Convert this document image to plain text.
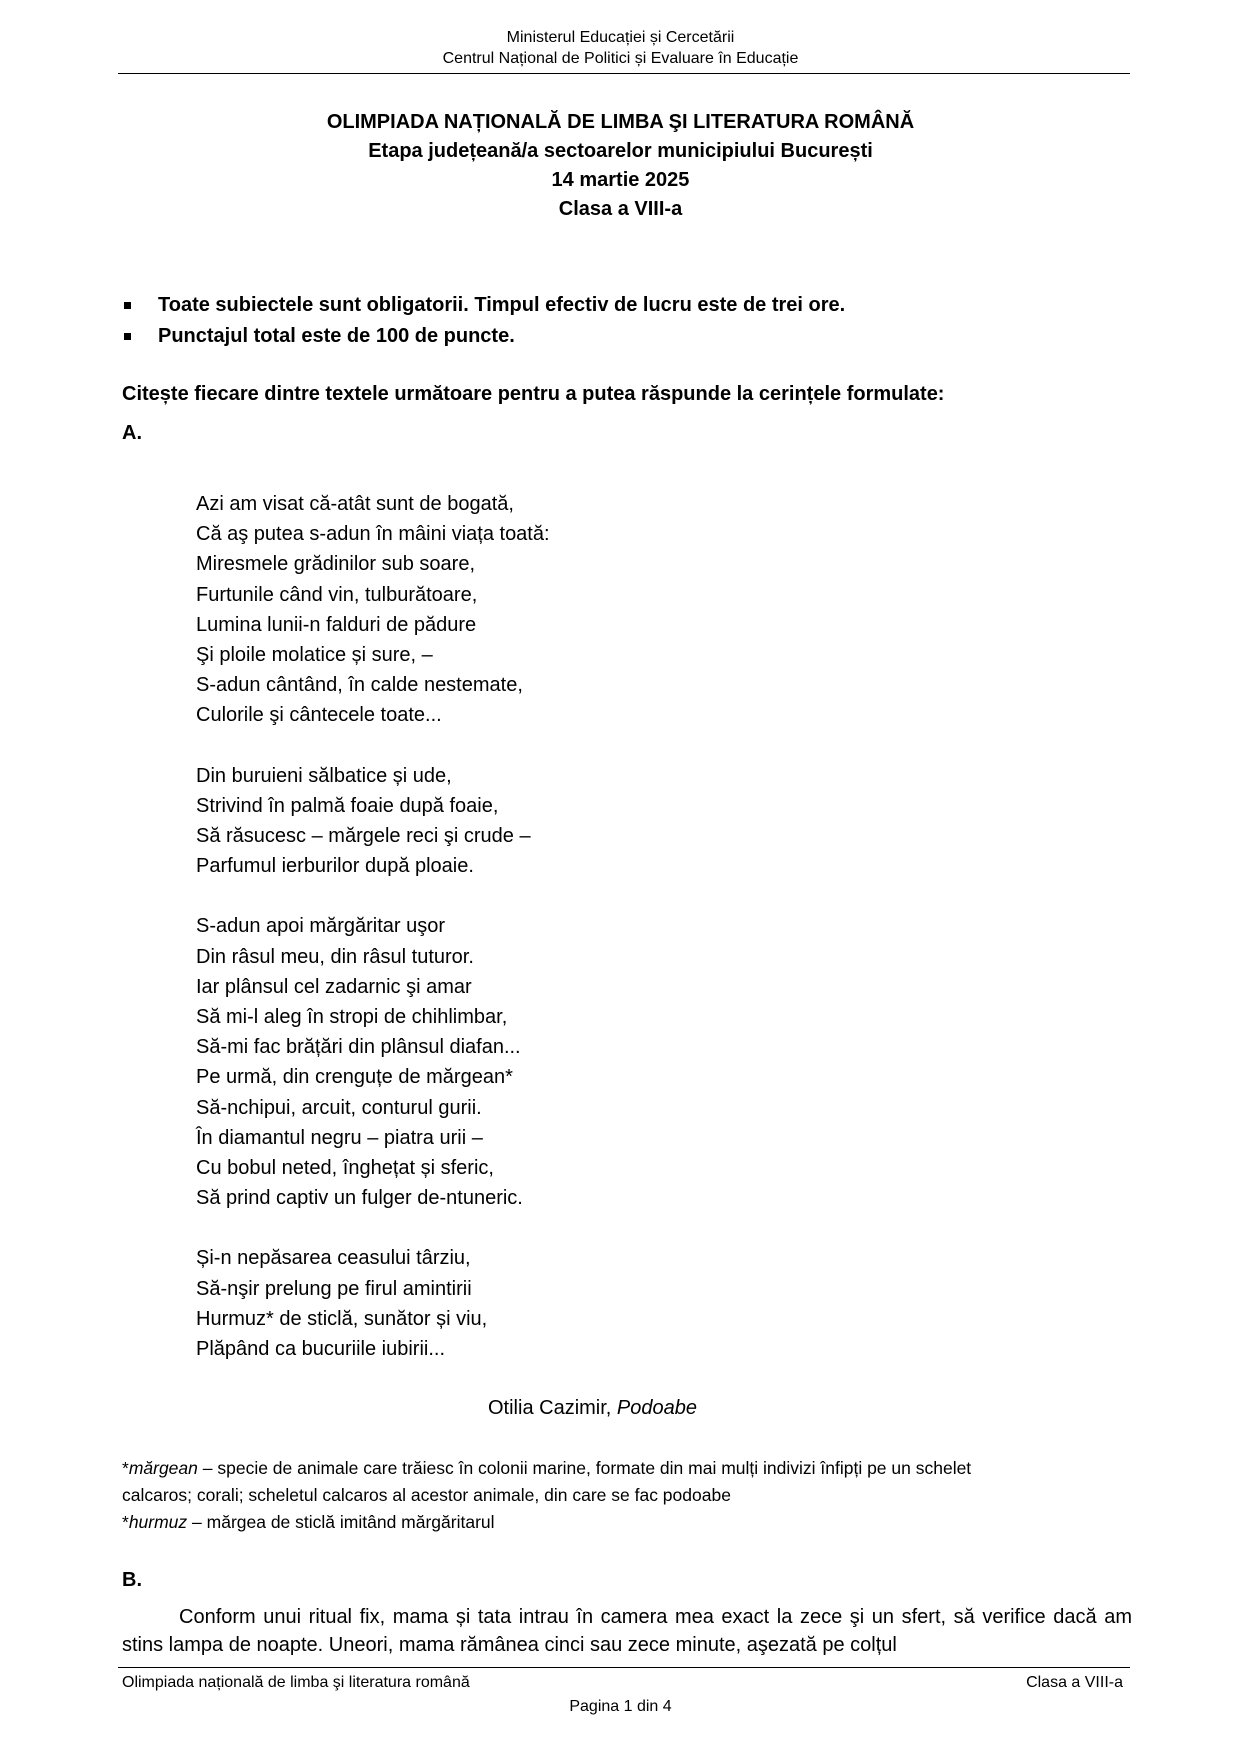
Ministerul Educației și Cercetării
Centrul Național de Politici și Evaluare în Educație
OLIMPIADA NAȚIONALĂ DE LIMBA ŞI LITERATURA ROMÂNĂ
Etapa județeană/a sectoarelor municipiului București
14 martie 2025
Clasa a VIII-a
Toate subiectele sunt obligatorii. Timpul efectiv de lucru este de trei ore.
Punctajul total este de 100 de puncte.
Citește fiecare dintre textele următoare pentru a putea răspunde la cerințele formulate:
A.
Azi am visat că-atât sunt de bogată,
Că aş putea s-adun în mâini viața toată:
Miresmele grădinilor sub soare,
Furtunile când vin, tulburătoare,
Lumina lunii-n falduri de pădure
Şi ploile molatice și sure, –
S-adun cântând, în calde nestemate,
Culorile şi cântecele toate...
Din buruieni sălbatice și ude,
Strivind în palmă foaie după foaie,
Să răsucesc – mărgele reci şi crude –
Parfumul ierburilor după ploaie.
S-adun apoi mărgăritar uşor
Din râsul meu, din râsul tuturor.
Iar plânsul cel zadarnic şi amar
Să mi-l aleg în stropi de chihlimbar,
Să-mi fac brățări din plânsul diafan...
Pe urmă, din crenguțe de mărgean*
Să-nchipui, arcuit, conturul gurii.
În diamantul negru – piatra urii –
Cu bobul neted, înghețat și sferic,
Să prind captiv un fulger de-ntuneric.
Și-n nepăsarea ceasului târziu,
Să-nşir prelung pe firul amintirii
Hurmuz* de sticlă, sunător și viu,
Plăpând ca bucuriile iubirii...
Otilia Cazimir, Podoabe
*mărgean – specie de animale care trăiesc în colonii marine, formate din mai mulți indivizi înfipți pe un schelet
calcaros; corali; scheletul calcaros al acestor animale, din care se fac podoabe
*hurmuz – mărgea de sticlă imitând mărgăritarul
B.
Conform unui ritual fix, mama și tata intrau în camera mea exact la zece şi un sfert, să verifice dacă am stins lampa de noapte. Uneori, mama rămânea cinci sau zece minute, aşezată pe colțul
Olimpiada națională de limba şi literatura română	Clasa a VIII-a
Pagina 1 din 4
